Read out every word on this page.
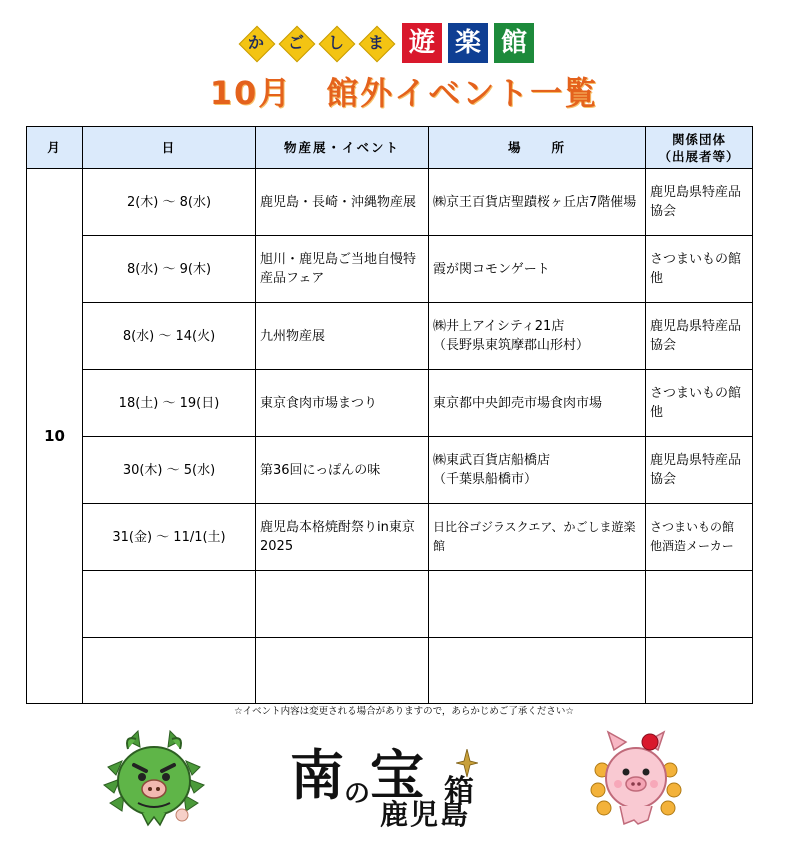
か	ご	し	ま 遊 楽 館
10月　館外イベント一覧
月	日	物産展・イベント	場　　所	関係団体
（出展者等）
10	2(木) ～ 8(水)	鹿児島・長崎・沖縄物産展	㈱京王百貨店聖蹟桜ヶ丘店7階催場	鹿児島県特産品協会
	8(水) ～ 9(木)	旭川・鹿児島ご当地自慢特産品フェア	霞が関コモンゲート	さつまいもの館
他
	8(水) ～ 14(火)	九州物産展	㈱井上アイシティ21店
（長野県東筑摩郡山形村）	鹿児島県特産品協会
	18(土) ～ 19(日)	東京食肉市場まつり	東京都中央卸売市場食肉市場	さつまいもの館
他
	30(木) ～ 5(水)	第36回にっぽんの味	㈱東武百貨店船橋店
（千葉県船橋市）	鹿児島県特産品協会
	31(金) ～ 11/1(土)	鹿児島本格焼酎祭りin東京2025	日比谷ゴジラスクエア、かごしま遊楽館	さつまいもの館
他酒造メーカー

☆イベント内容は変更される場合がありますので，あらかじめご了承ください☆
南の宝 箱
鹿児島
